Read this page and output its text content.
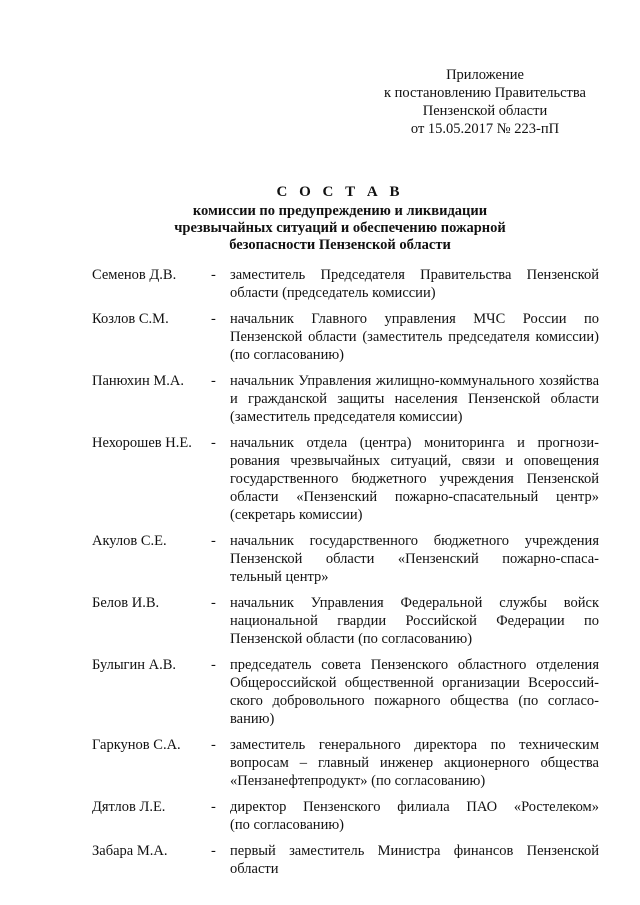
Приложение
к постановлению Правительства
Пензенской области
от 15.05.2017 № 223-пП
С О С Т А В
комиссии по предупреждению и ликвидации
чрезвычайных ситуаций и обеспечению пожарной
безопасности Пензенской области
Семенов Д.В. - заместитель Председателя Правительства Пензенской
области (председатель комиссии)
Козлов С.М.	- начальник Главного управления МЧС России по
Пензенской области (заместитель председателя комиссии)
(по согласованию)
Панюхин М.А. - начальник Управления жилищно-коммунального хозяйства
и гражданской защиты населения Пензенской области
(заместитель председателя комиссии)
Нехорошев Н.Е. - начальник отдела (центра) мониторинга и прогнози-
рования чрезвычайных ситуаций, связи и оповещения
государственного бюджетного учреждения Пензенской
области «Пензенский пожарно-спасательный центр»
(секретарь комиссии)
Акулов С.Е.	- начальник государственного бюджетного учреждения
Пензенской области «Пензенский пожарно-спаса-
тельный центр»
Белов И.В.	- начальник Управления Федеральной службы войск
национальной гвардии Российской Федерации по
Пензенской области (по согласованию)
Булыгин А.В. - председатель совета Пензенского областного отделения
Общероссийской общественной организации Всероссий-
ского добровольного пожарного общества (по согласо-
ванию)
Гаркунов С.А. - заместитель генерального директора по техническим
вопросам – главный инженер акционерного общества
«Пензанефтепродукт» (по согласованию)
Дятлов Л.Е.	- директор Пензенского филиала ПАО «Ростелеком»
(по согласованию)
Забара М.А.	- первый заместитель Министра финансов Пензенской
области
